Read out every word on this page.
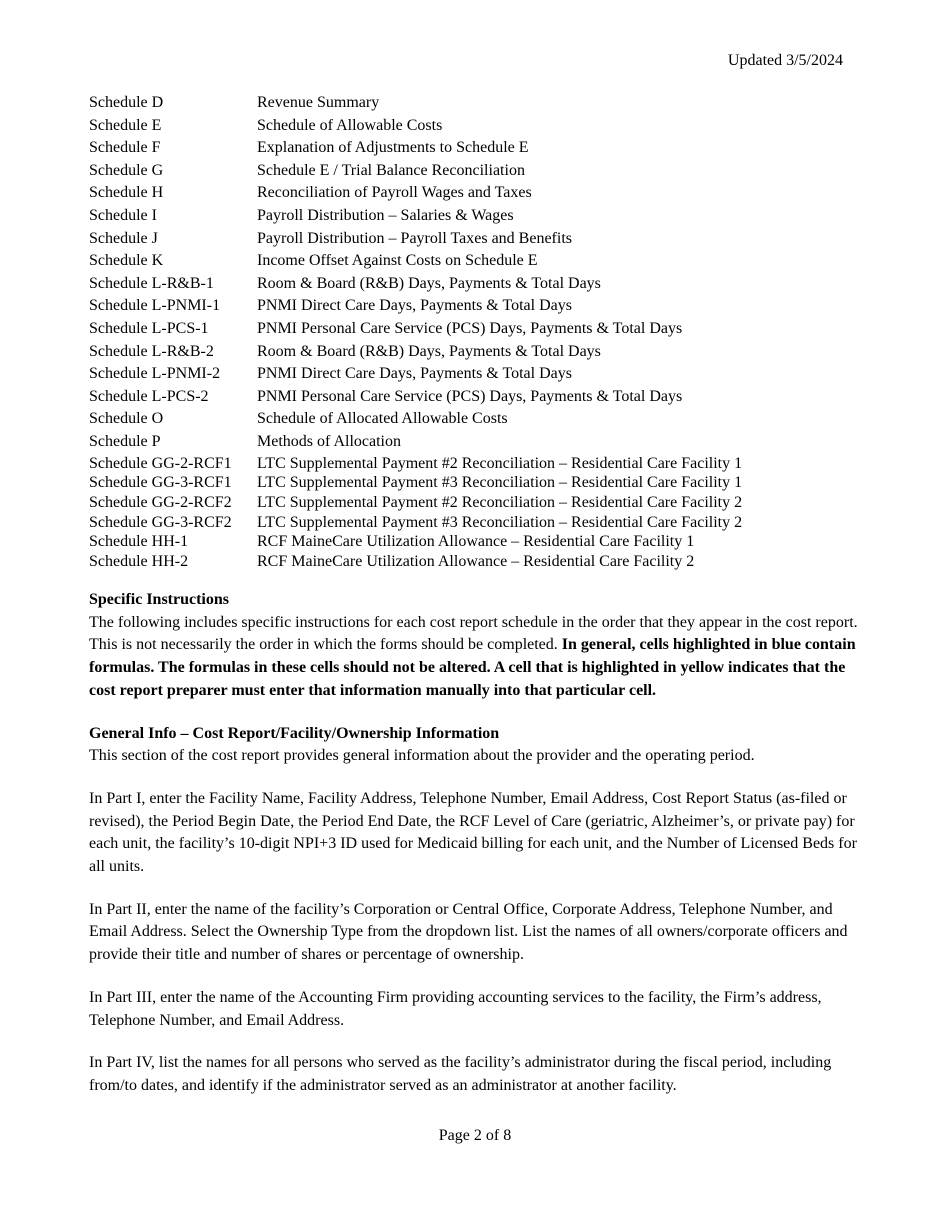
Updated 3/5/2024
Schedule D	Revenue Summary
Schedule E	Schedule of Allowable Costs
Schedule F	Explanation of Adjustments to Schedule E
Schedule G	Schedule E / Trial Balance Reconciliation
Schedule H	Reconciliation of Payroll Wages and Taxes
Schedule I	Payroll Distribution – Salaries & Wages
Schedule J	Payroll Distribution – Payroll Taxes and Benefits
Schedule K	Income Offset Against Costs on Schedule E
Schedule L-R&B-1	Room & Board (R&B) Days, Payments & Total Days
Schedule L-PNMI-1	PNMI Direct Care Days, Payments & Total Days
Schedule L-PCS-1	PNMI Personal Care Service (PCS) Days, Payments & Total Days
Schedule L-R&B-2	Room & Board (R&B) Days, Payments & Total Days
Schedule L-PNMI-2	PNMI Direct Care Days, Payments & Total Days
Schedule L-PCS-2	PNMI Personal Care Service (PCS) Days, Payments & Total Days
Schedule O	Schedule of Allocated Allowable Costs
Schedule P	Methods of Allocation
Schedule GG-2-RCF1	LTC Supplemental Payment #2 Reconciliation – Residential Care Facility 1
Schedule GG-3-RCF1	LTC Supplemental Payment #3 Reconciliation – Residential Care Facility 1
Schedule GG-2-RCF2	LTC Supplemental Payment #2 Reconciliation – Residential Care Facility 2
Schedule GG-3-RCF2	LTC Supplemental Payment #3 Reconciliation – Residential Care Facility 2
Schedule HH-1	RCF MaineCare Utilization Allowance – Residential Care Facility 1
Schedule HH-2	RCF MaineCare Utilization Allowance – Residential Care Facility 2
Specific Instructions

The following includes specific instructions for each cost report schedule in the order that they appear in the cost report. This is not necessarily the order in which the forms should be completed. In general, cells highlighted in blue contain formulas. The formulas in these cells should not be altered. A cell that is highlighted in yellow indicates that the cost report preparer must enter that information manually into that particular cell.

General Info – Cost Report/Facility/Ownership Information

This section of the cost report provides general information about the provider and the operating period.

In Part I, enter the Facility Name, Facility Address, Telephone Number, Email Address, Cost Report Status (as-filed or revised), the Period Begin Date, the Period End Date, the RCF Level of Care (geriatric, Alzheimer’s, or private pay) for each unit, the facility’s 10-digit NPI+3 ID used for Medicaid billing for each unit, and the Number of Licensed Beds for all units.

In Part II, enter the name of the facility’s Corporation or Central Office, Corporate Address, Telephone Number, and Email Address. Select the Ownership Type from the dropdown list. List the names of all owners/corporate officers and provide their title and number of shares or percentage of ownership.

In Part III, enter the name of the Accounting Firm providing accounting services to the facility, the Firm’s address, Telephone Number, and Email Address.

In Part IV, list the names for all persons who served as the facility’s administrator during the fiscal period, including from/to dates, and identify if the administrator served as an administrator at another facility.

Page 2 of 8
